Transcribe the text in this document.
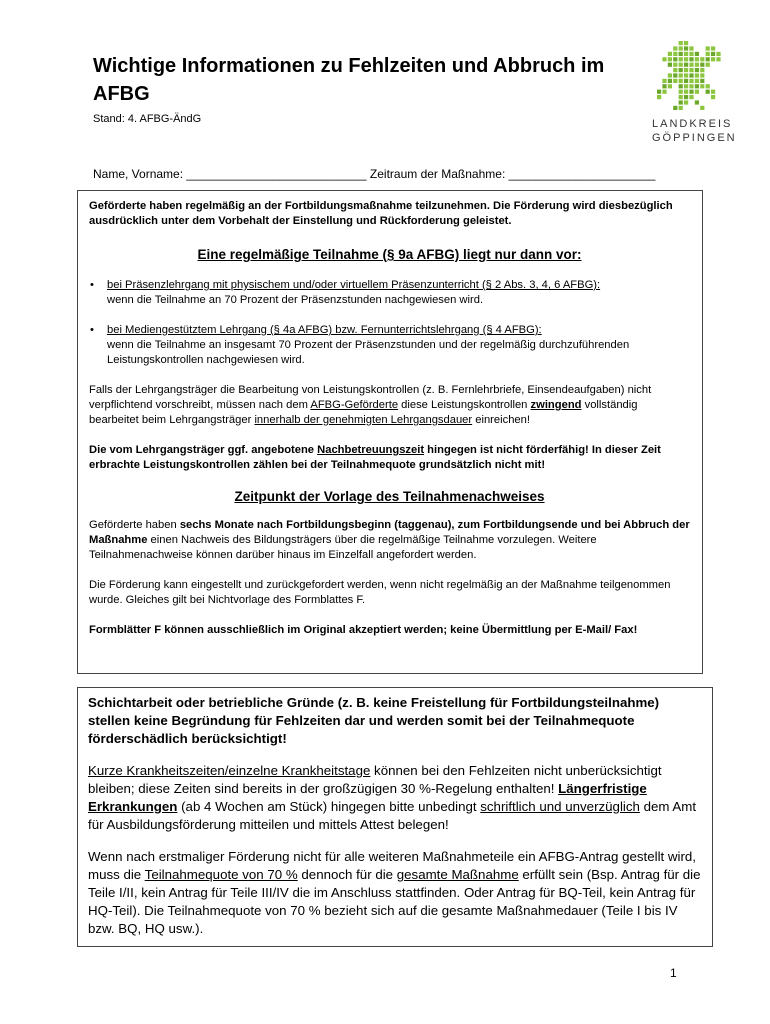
Wichtige Informationen zu Fehlzeiten und Abbruch im AFBG
Stand: 4. AFBG-ÄndG	LANDKREIS
GÖPPINGEN
Name, Vorname: ___________________________ Zeitraum der Maßnahme: ______________________

Geförderte haben regelmäßig an der Fortbildungsmaßnahme teilzunehmen. Die Förderung wird diesbezüglich ausdrücklich unter dem Vorbehalt der Einstellung und Rückforderung geleistet.

Eine regelmäßige Teilnahme (§ 9a AFBG) liegt nur dann vor:

• bei Präsenzlehrgang mit physischem und/oder virtuellem Präsenzunterricht (§ 2 Abs. 3, 4, 6 AFBG):
wenn die Teilnahme an 70 Prozent der Präsenzstunden nachgewiesen wird.
• bei Mediengestütztem Lehrgang (§ 4a AFBG) bzw. Fernunterrichtslehrgang (§ 4 AFBG):
wenn die Teilnahme an insgesamt 70 Prozent der Präsenzstunden und der regelmäßig durchzuführenden Leistungskontrollen nachgewiesen wird.

Falls der Lehrgangsträger die Bearbeitung von Leistungskontrollen (z. B. Fernlehrbriefe, Einsendeaufgaben) nicht verpflichtend vorschreibt, müssen nach dem AFBG-Geförderte diese Leistungskontrollen zwingend vollständig bearbeitet beim Lehrgangsträger innerhalb der genehmigten Lehrgangsdauer einreichen!

Die vom Lehrgangsträger ggf. angebotene Nachbetreuungszeit hingegen ist nicht förderfähig! In dieser Zeit erbrachte Leistungskontrollen zählen bei der Teilnahmequote grundsätzlich nicht mit!

Zeitpunkt der Vorlage des Teilnahmenachweises

Geförderte haben sechs Monate nach Fortbildungsbeginn (taggenau), zum Fortbildungsende und bei Abbruch der Maßnahme einen Nachweis des Bildungsträgers über die regelmäßige Teilnahme vorzulegen. Weitere Teilnahmenachweise können darüber hinaus im Einzelfall angefordert werden.

Die Förderung kann eingestellt und zurückgefordert werden, wenn nicht regelmäßig an der Maßnahme teilgenommen wurde. Gleiches gilt bei Nichtvorlage des Formblattes F.

Formblätter F können ausschließlich im Original akzeptiert werden; keine Übermittlung per E-Mail/ Fax!

Schichtarbeit oder betriebliche Gründe (z. B. keine Freistellung für Fortbildungsteilnahme) stellen keine Begründung für Fehlzeiten dar und werden somit bei der Teilnahmequote förderschädlich berücksichtigt!

Kurze Krankheitszeiten/einzelne Krankheitstage können bei den Fehlzeiten nicht unberücksichtigt bleiben; diese Zeiten sind bereits in der großzügigen 30 %-Regelung enthalten! Längerfristige Erkrankungen (ab 4 Wochen am Stück) hingegen bitte unbedingt schriftlich und unverzüglich dem Amt für Ausbildungsförderung mitteilen und mittels Attest belegen!

Wenn nach erstmaliger Förderung nicht für alle weiteren Maßnahmeteile ein AFBG-Antrag gestellt wird, muss die Teilnahmequote von 70 % dennoch für die gesamte Maßnahme erfüllt sein (Bsp. Antrag für die Teile I/II, kein Antrag für Teile III/IV die im Anschluss stattfinden. Oder Antrag für BQ-Teil, kein Antrag für HQ-Teil). Die Teilnahmequote von 70 % bezieht sich auf die gesamte Maßnahmedauer (Teile I bis IV bzw. BQ, HQ usw.).

1
